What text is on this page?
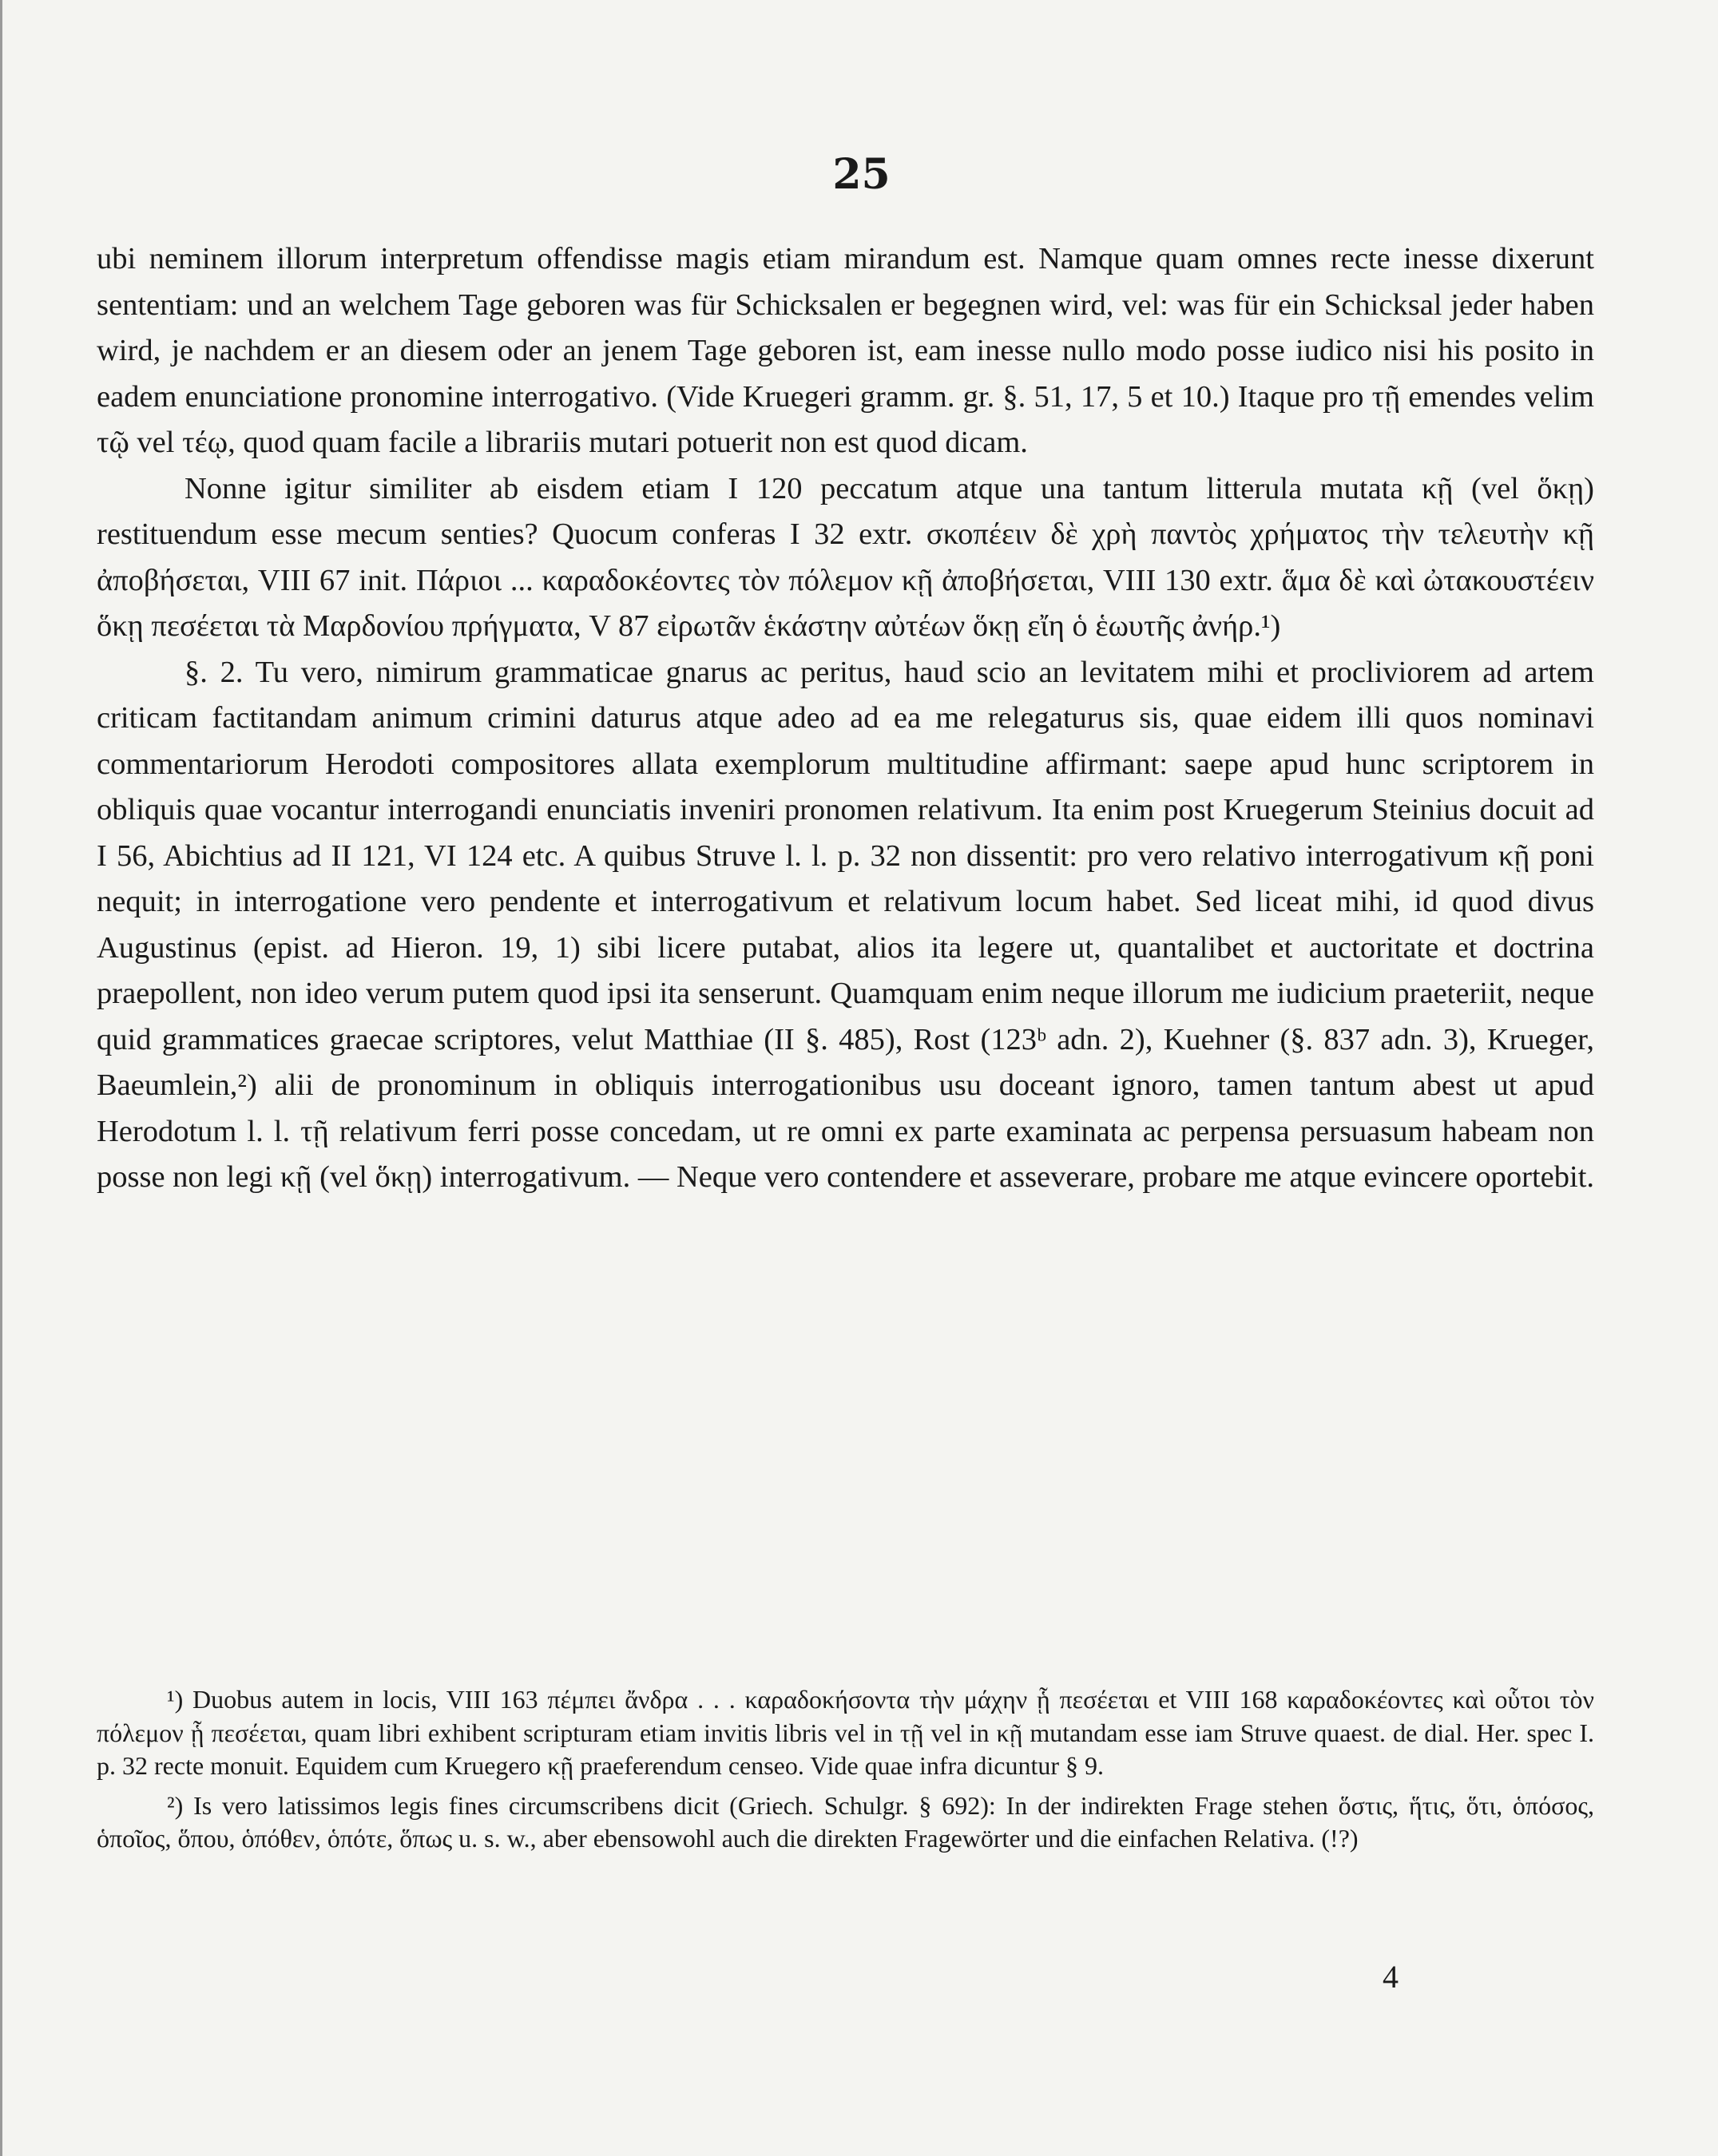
25

ubi neminem illorum interpretum offendisse magis etiam mirandum est. Namque quam omnes recte inesse dixerunt sententiam: und an welchem Tage geboren was für Schicksalen er begegnen wird, vel: was für ein Schicksal jeder haben wird, je nachdem er an diesem oder an jenem Tage geboren ist, eam inesse nullo modo posse iudico nisi his posito in eadem enunciatione pronomine interrogativo. (Vide Kruegeri gramm. gr. §. 51, 17, 5 et 10.) Itaque pro τῇ emendes velim τῷ vel τέῳ, quod quam facile a librariis mutari potuerit non est quod dicam.

Nonne igitur similiter ab eisdem etiam I 120 peccatum atque una tantum litterula mutata κῇ (vel ὅκῃ) restituendum esse mecum senties? Quocum conferas I 32 extr. σκοπέειν δὲ χρὴ παντὸς χρήματος τὴν τελευτὴν κῇ ἀποβήσεται, VIII 67 init. Πάριοι ... καραδοκέοντες τὸν πόλεμον κῇ ἀποβήσεται, VIII 130 extr. ἅμα δὲ καὶ ὠτακουστέειν ὅκῃ πεσέεται τὰ Μαρδονίου πρήγματα, V 87 εἰρωτᾶν ἑκάστην αὐτέων ὅκῃ εἴη ὁ ἑωυτῆς ἀνήρ.¹)

§. 2. Tu vero, nimirum grammaticae gnarus ac peritus, haud scio an levitatem mihi et procliviorem ad artem criticam factitandam animum crimini daturus atque adeo ad ea me relegaturus sis, quae eidem illi quos nominavi commentariorum Herodoti compositores allata exemplorum multitudine affirmant: saepe apud hunc scriptorem in obliquis quae vocantur interrogandi enunciatis inveniri pronomen relativum. Ita enim post Kruegerum Steinius docuit ad I 56, Abichtius ad II 121, VI 124 etc. A quibus Struve l. l. p. 32 non dissentit: pro vero relativo interrogativum κῇ poni nequit; in interrogatione vero pendente et interrogativum et relativum locum habet. Sed liceat mihi, id quod divus Augustinus (epist. ad Hieron. 19, 1) sibi licere putabat, alios ita legere ut, quantalibet et auctoritate et doctrina praepollent, non ideo verum putem quod ipsi ita senserunt. Quamquam enim neque illorum me iudicium praeteriit, neque quid grammatices graecae scriptores, velut Matthiae (II §. 485), Rost (123ᵇ adn. 2), Kuehner (§. 837 adn. 3), Krueger, Baeumlein,²) alii de pronominum in obliquis interrogationibus usu doceant ignoro, tamen tantum abest ut apud Herodotum l. l. τῇ relativum ferri posse concedam, ut re omni ex parte examinata ac perpensa persuasum habeam non posse non legi κῇ (vel ὅκῃ) interrogativum. — Neque vero contendere et asseverare, probare me atque evincere oportebit.

¹) Duobus autem in locis, VIII 163 πέμπει ἄνδρα . . . καραδοκήσοντα τὴν μάχην ᾗ πεσέεται et VIII 168 καραδοκέοντες καὶ οὗτοι τὸν πόλεμον ᾗ πεσέεται, quam libri exhibent scripturam etiam invitis libris vel in τῇ vel in κῇ mutandam esse iam Struve quaest. de dial. Her. spec I. p. 32 recte monuit. Equidem cum Kruegero κῇ praeferendum censeo. Vide quae infra dicuntur § 9.

²) Is vero latissimos legis fines circumscribens dicit (Griech. Schulgr. § 692): In der indirekten Frage stehen ὅστις, ἥτις, ὅτι, ὁπόσος, ὁποῖος, ὅπου, ὁπόθεν, ὁπότε, ὅπως u. s. w., aber ebensowohl auch die direkten Fragewörter und die einfachen Relativa. (!?)

4
